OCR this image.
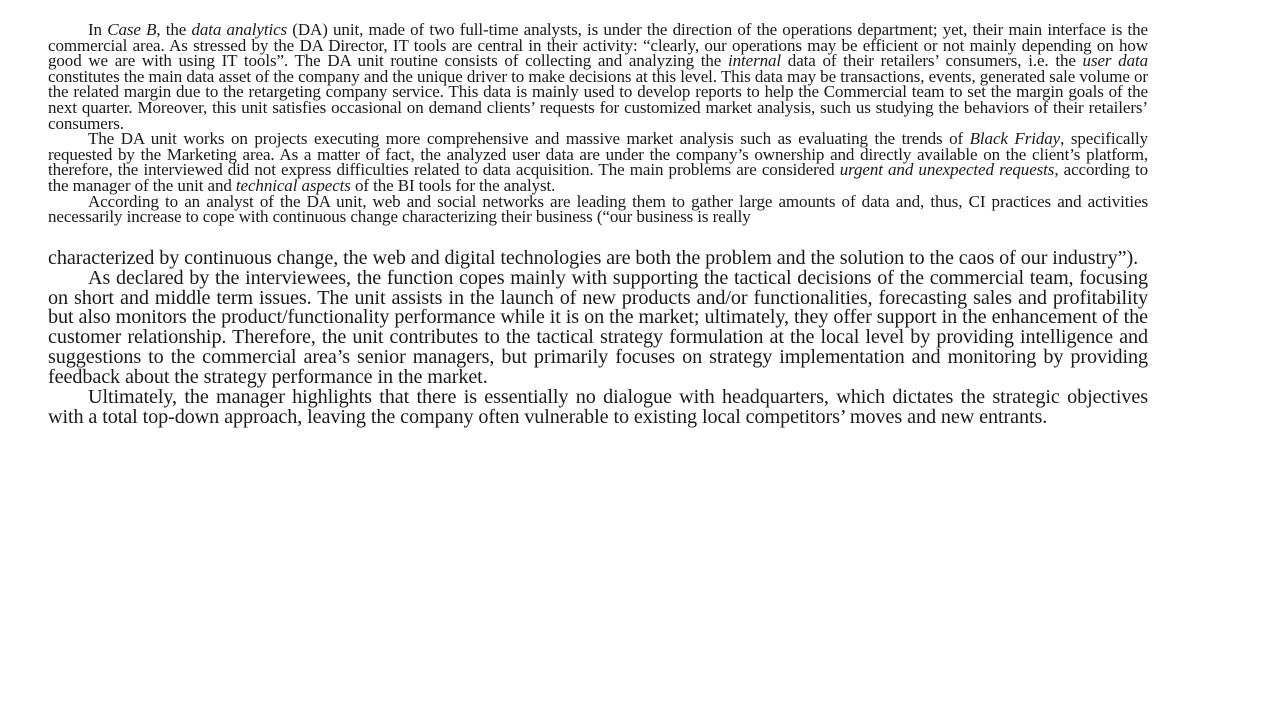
In Case B, the data analytics (DA) unit, made of two full-time analysts, is under the direction of the operations department; yet, their main interface is the commercial area. As stressed by the DA Director, IT tools are central in their activity: “clearly, our operations may be efficient or not mainly depending on how good we are with using IT tools”. The DA unit routine consists of collecting and analyzing the internal data of their retailers’ consumers, i.e. the user data constitutes the main data asset of the company and the unique driver to make decisions at this level. This data may be transactions, events, generated sale volume or the related margin due to the retargeting company service. This data is mainly used to develop reports to help the Commercial team to set the margin goals of the next quarter. Moreover, this unit satisfies occasional on demand clients’ requests for customized market analysis, such us studying the behaviors of their retailers’ consumers.

The DA unit works on projects executing more comprehensive and massive market analysis such as evaluating the trends of Black Friday, specifically requested by the Marketing area. As a matter of fact, the analyzed user data are under the company’s ownership and directly available on the client’s platform, therefore, the interviewed did not express difficulties related to data acquisition. The main problems are considered urgent and unexpected requests, according to the manager of the unit and technical aspects of the BI tools for the analyst.

According to an analyst of the DA unit, web and social networks are leading them to gather large amounts of data and, thus, CI practices and activities necessarily increase to cope with continuous change characterizing their business (“our business is really

characterized by continuous change, the web and digital technologies are both the problem and the solution to the caos of our industry”).

As declared by the interviewees, the function copes mainly with supporting the tactical decisions of the commercial team, focusing on short and middle term issues. The unit assists in the launch of new products and/or functionalities, forecasting sales and profitability but also monitors the product/functionality performance while it is on the market; ultimately, they offer support in the enhancement of the customer relationship. Therefore, the unit contributes to the tactical strategy formulation at the local level by providing intelligence and suggestions to the commercial area’s senior managers, but primarily focuses on strategy implementation and monitoring by providing feedback about the strategy performance in the market.

Ultimately, the manager highlights that there is essentially no dialogue with headquarters, which dictates the strategic objectives with a total top-down approach, leaving the company often vulnerable to existing local competitors’ moves and new entrants.
